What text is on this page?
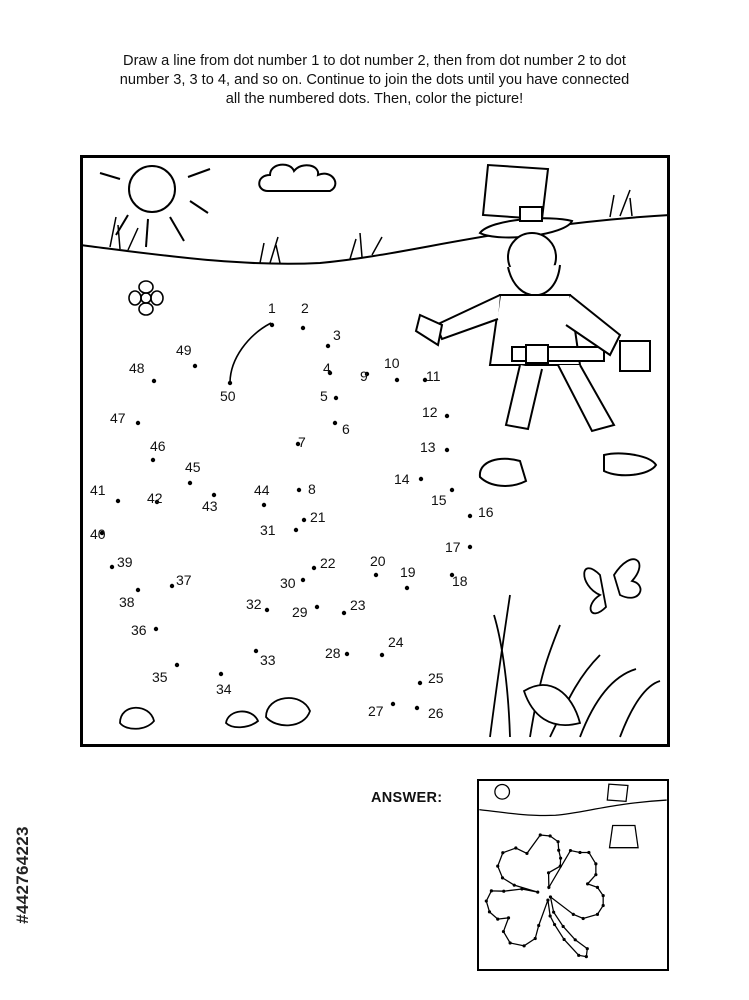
Draw a line from dot number 1 to dot number 2, then from dot number 2 to dot
number 3, 3 to 4, and so on. Continue to join the dots until you have connected
all the numbered dots. Then, color the picture!

1 2
3
4
5
6
7
8
9
10
11
12
13
14
15
16
17
18
19
20
21
22
23
24
25
26
27
28
29
30
31
32
33
34
35
36
37
38
39
40
41	42	43
44
45
46
47
48
49
50
ANSWER:
#442764223
